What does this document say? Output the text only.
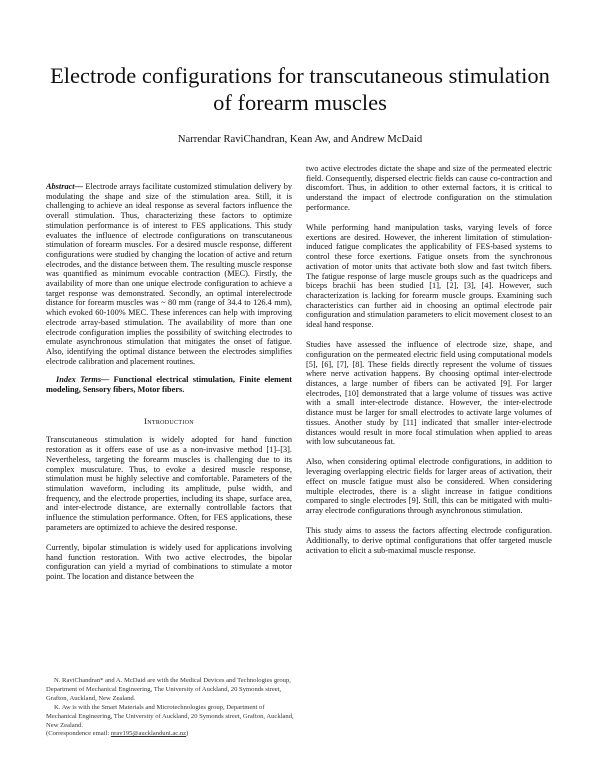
Electrode configurations for transcutaneous stimulation of forearm muscles
Narrendar RaviChandran, Kean Aw, and Andrew McDaid

Abstract— Electrode arrays facilitate customized stimulation delivery by modulating the shape and size of the stimulation area. Still, it is challenging to achieve an ideal response as several factors influence the overall stimulation. Thus, characterizing these factors to optimize stimulation performance is of interest to FES applications. This study evaluates the influence of electrode configurations on transcutaneous stimulation of forearm muscles. For a desired muscle response, different configurations were studied by changing the location of active and return electrodes, and the distance between them. The resulting muscle response was quantified as minimum evocable contraction (MEC). Firstly, the availability of more than one unique electrode configuration to achieve a target response was demonstrated. Secondly, an optimal interelectrode distance for forearm muscles was ~ 80 mm (range of 34.4 to 126.4 mm), which evoked 60-100% MEC. These inferences can help with improving electrode array-based stimulation. The availability of more than one electrode configuration implies the possibility of switching electrodes to emulate asynchronous stimulation that mitigates the onset of fatigue. Also, identifying the optimal distance between the electrodes simplifies electrode calibration and placement routines.

Index Terms— Functional electrical stimulation, Finite element modeling, Sensory fibers, Motor fibers.

Introduction

Transcutaneous stimulation is widely adopted for hand function restoration as it offers ease of use as a non-invasive method [1]–[3]. Nevertheless, targeting the forearm muscles is challenging due to its complex musculature. Thus, to evoke a desired muscle response, stimulation must be highly selective and comfortable. Parameters of the stimulation waveform, including its amplitude, pulse width, and frequency, and the electrode properties, including its shape, surface area, and inter-electrode distance, are externally controllable factors that influence the stimulation performance. Often, for FES applications, these parameters are optimized to achieve the desired response.

Currently, bipolar stimulation is widely used for applications involving hand function restoration. With two active electrodes, the bipolar configuration can yield a myriad of combinations to stimulate a motor point. The location and distance between the

two active electrodes dictate the shape and size of the permeated electric field. Consequently, dispersed electric fields can cause co-contraction and discomfort. Thus, in addition to other external factors, it is critical to understand the impact of electrode configuration on the stimulation performance.

While performing hand manipulation tasks, varying levels of force exertions are desired. However, the inherent limitation of stimulation-induced fatigue complicates the applicability of FES-based systems to control these force exertions. Fatigue onsets from the synchronous activation of motor units that activate both slow and fast twitch fibers. The fatigue response of large muscle groups such as the quadriceps and biceps brachii has been studied [1], [2], [3], [4]. However, such characterization is lacking for forearm muscle groups. Examining such characteristics can further aid in choosing an optimal electrode pair configuration and stimulation parameters to elicit movement closest to an ideal hand response.

Studies have assessed the influence of electrode size, shape, and configuration on the permeated electric field using computational models [5], [6], [7], [8]. These fields directly represent the volume of tissues where nerve activation happens. By choosing optimal inter-electrode distances, a large number of fibers can be activated [9]. For larger electrodes, [10] demonstrated that a large volume of tissues was active with a small inter-electrode distance. However, the inter-electrode distance must be larger for small electrodes to activate large volumes of tissues. Another study by [11] indicated that smaller inter-electrode distances would result in more focal stimulation when applied to areas with low subcutaneous fat.

Also, when considering optimal electrode configurations, in addition to leveraging overlapping electric fields for larger areas of activation, their effect on muscle fatigue must also be considered. When considering multiple electrodes, there is a slight increase in fatigue conditions compared to single electrodes [9]. Still, this can be mitigated with multi-array electrode configurations through asynchronous stimulation.

This study aims to assess the factors affecting electrode configuration. Additionally, to derive optimal configurations that offer targeted muscle activation to elicit a sub-maximal muscle response.

N. RaviChandran* and A. McDaid are with the Medical Devices and Technologies group, Department of Mechanical Engineering, The University of Auckland, 20 Symonds street, Grafton, Auckland, New Zealand.

K. Aw is with the Smart Materials and Microtechnologies group, Department of Mechanical Engineering, The University of Auckland, 20 Symonds street, Grafton, Auckland, New Zealand.

(Correspondence email: nrav195@aucklanduni.ac.nz)
